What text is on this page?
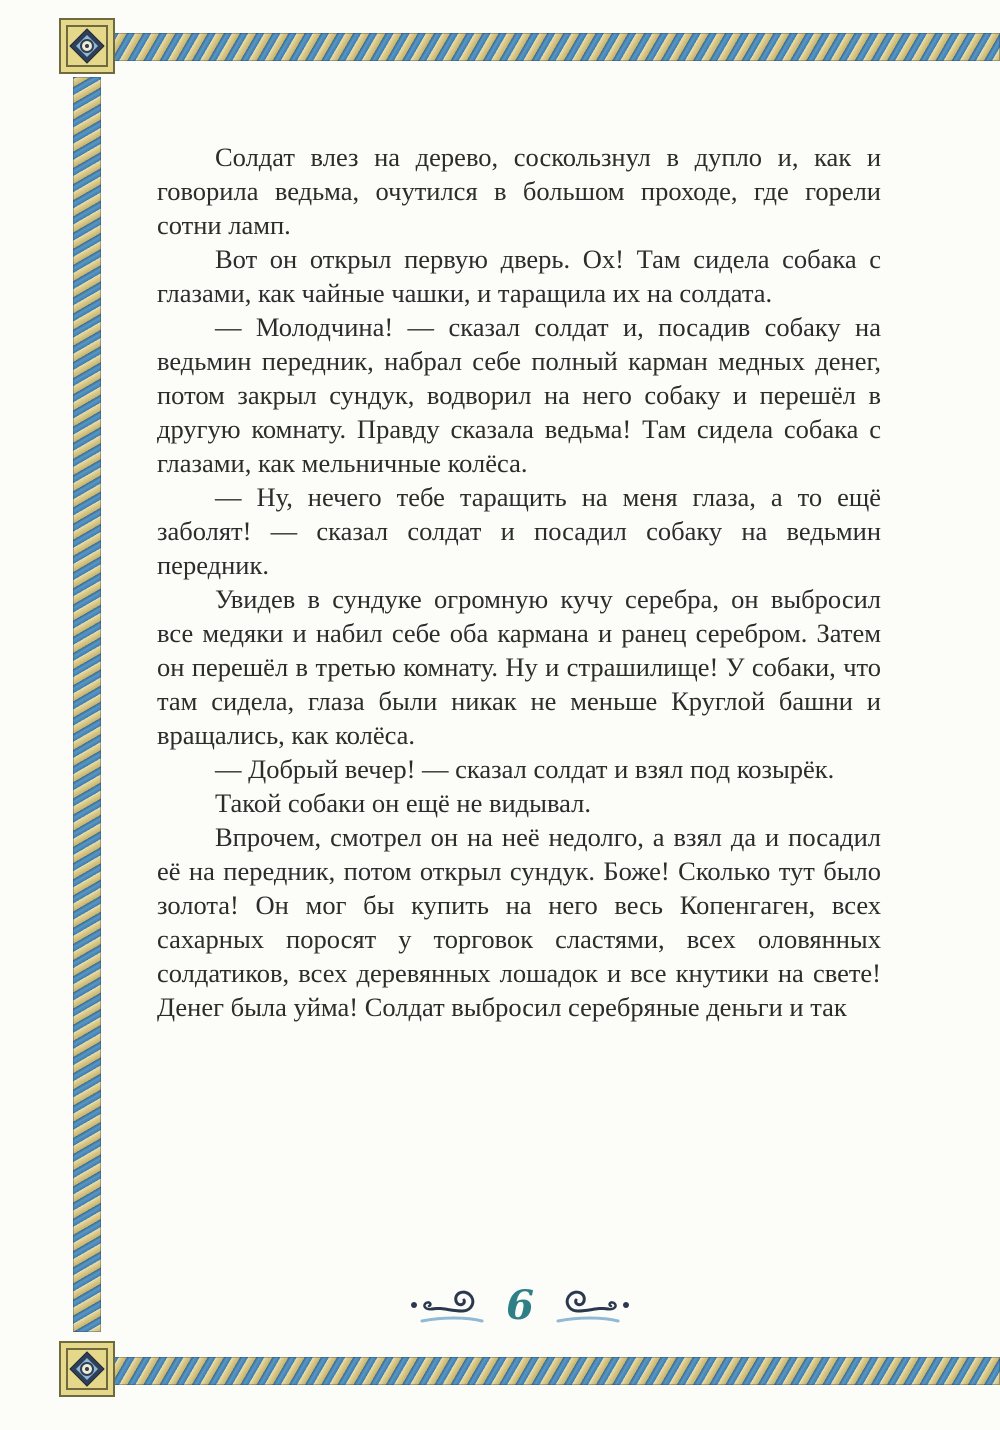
Солдат влез на дерево, соскользнул в дупло и, как и говорила ведьма, очутился в большом проходе, где горели сотни ламп.

Вот он открыл первую дверь. Ох! Там сидела собака с глазами, как чайные чашки, и таращила их на солдата.

— Молодчина! — сказал солдат и, посадив собаку на ведьмин передник, набрал себе полный карман медных денег, потом закрыл сундук, водворил на него собаку и перешёл в другую комнату. Правду сказала ведьма! Там сидела собака с глазами, как мельничные колёса.

— Ну, нечего тебе таращить на меня глаза, а то ещё заболят! — сказал солдат и посадил собаку на ведьмин передник.

Увидев в сундуке огромную кучу серебра, он выбросил все медяки и набил себе оба кармана и ранец серебром. Затем он перешёл в третью комнату. Ну и страшилище! У собаки, что там сидела, глаза были никак не меньше Круглой башни и вращались, как колёса.

— Добрый вечер! — сказал солдат и взял под козырёк.

Такой собаки он ещё не видывал.

Впрочем, смотрел он на неё недолго, а взял да и посадил её на передник, потом открыл сундук. Боже! Сколько тут было золота! Он мог бы купить на него весь Копенгаген, всех сахарных поросят у торговок сластями, всех оловянных солдатиков, всех деревянных лошадок и все кнутики на свете! Денег была уйма! Солдат выбросил серебряные деньги и так

6
